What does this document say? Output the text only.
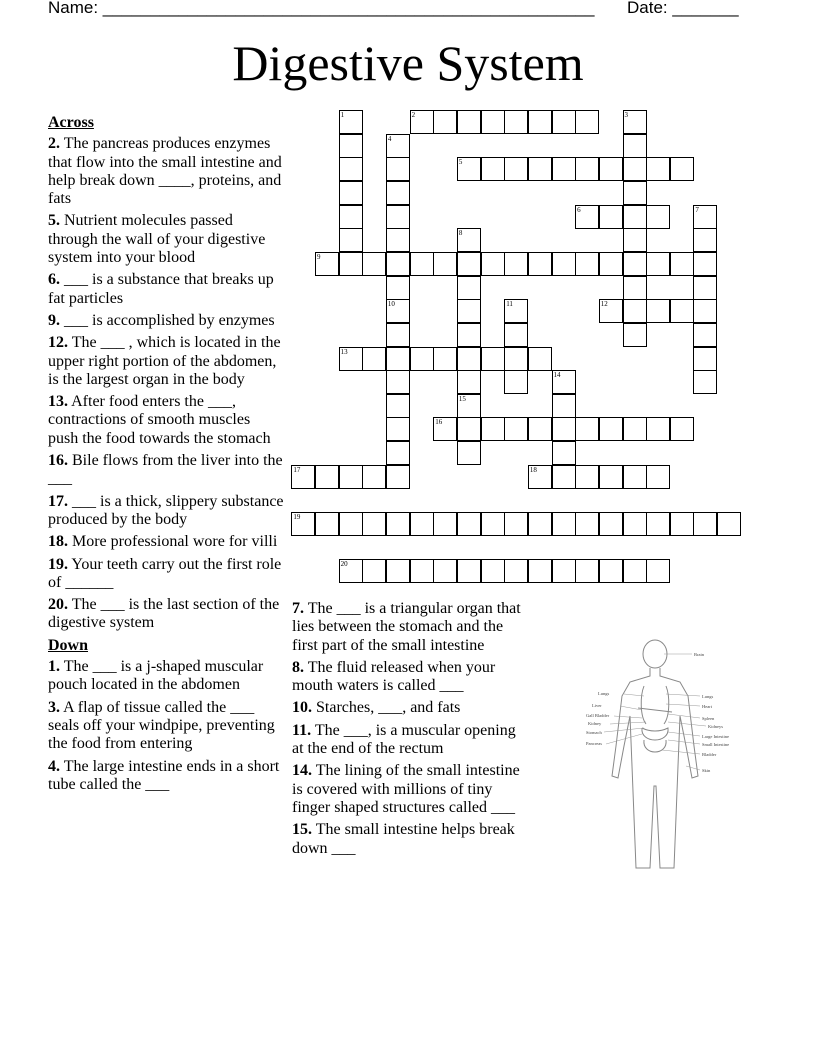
Name: ____________________________________________________ Date: _______
Digestive System
Across
2. The pancreas produces enzymes that flow into the small intestine and help break down ____, proteins, and fats
5. Nutrient molecules passed through the wall of your digestive system into your blood
6. ___ is a substance that breaks up fat particles
9. ___ is accomplished by enzymes
12. The ___ , which is located in the upper right portion of the abdomen, is the largest organ in the body
13. After food enters the ___, contractions of smooth muscles push the food towards the stomach
16. Bile flows from the liver into the ___
17. ___ is a thick, slippery substance produced by the body
18. More professional wore for villi
19. Your teeth carry out the first role of ______
20. The ___ is the last section of the digestive system
Down
1. The ___ is a j-shaped muscular pouch located in the abdomen
3. A flap of tissue called the ___ seals off your windpipe, preventing the food from entering
4. The large intestine ends in a short tube called the ___
7. The ___ is a triangular organ that lies between the stomach and the first part of the small intestine
8. The fluid released when your mouth waters is called ___
10. Starches, ___, and fats
11. The ___, is a muscular opening at the end of the rectum
14. The lining of the small intestine is covered with millions of tiny finger shaped structures called ___
15. The small intestine helps break down ___
1	2	3
4
5
6	7
8
15
9
10	11	12
13
14
16
17	18
19
20
Lungs
Liver
Gall Bladder
Kidney
Stomach
Pancreas
Brain
Lungs
Heart
Spleen
Kidneys
Large Intestine
Small Intestine
Bladder
Skin
